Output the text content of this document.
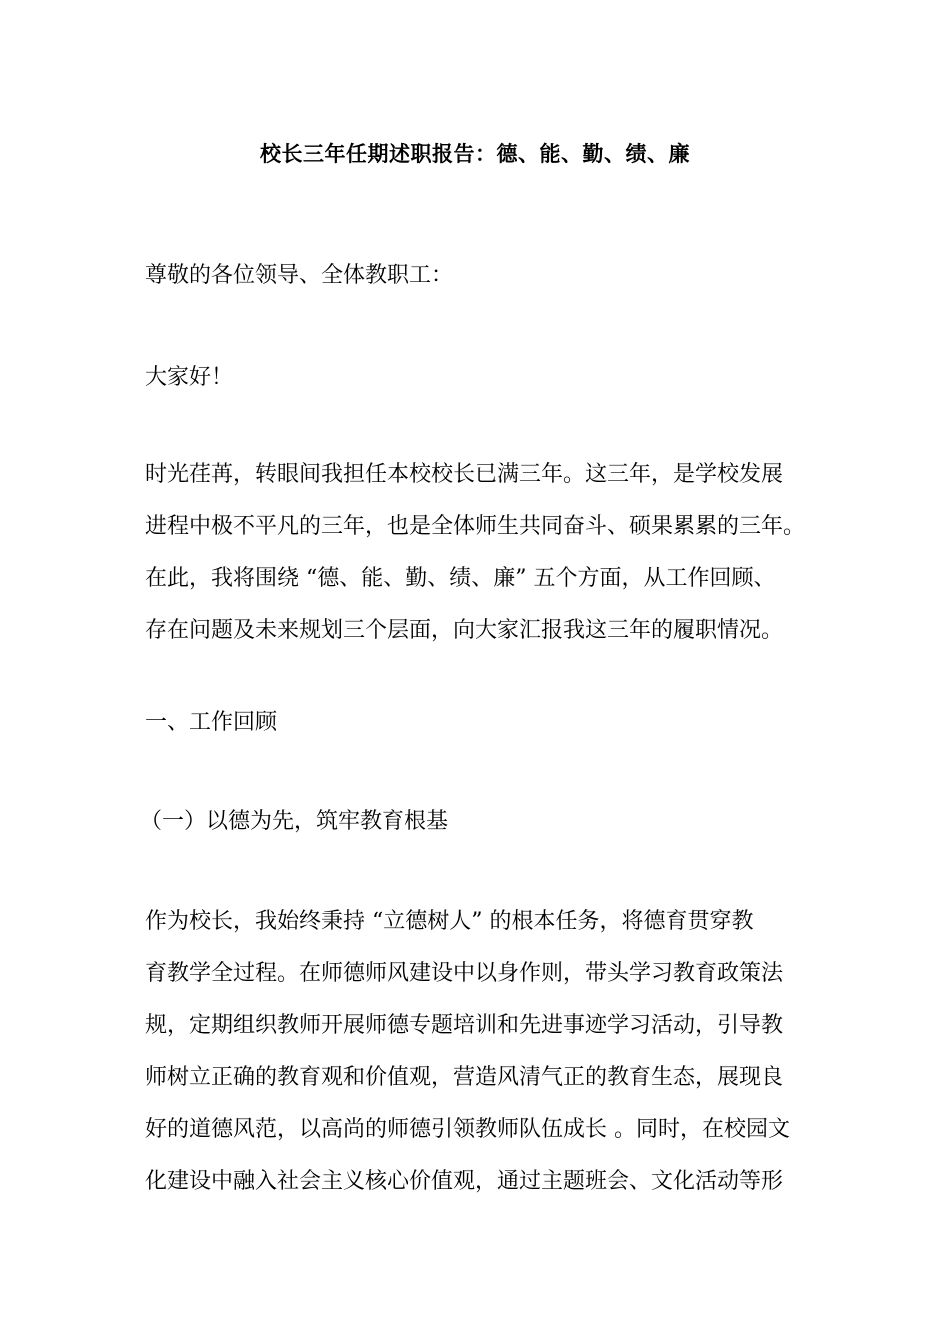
校长三年任期述职报告：德、能、勤、绩、廉

尊敬的各位领导、全体教职工：

大家好！

时光荏苒，转眼间我担任本校校长已满三年。这三年，是学校发展
进程中极不平凡的三年，也是全体师生共同奋斗、硕果累累的三年。
在此，我将围绕 “德、能、勤、绩、廉” 五个方面，从工作回顾、
存在问题及未来规划三个层面，向大家汇报我这三年的履职情况。

一、工作回顾

（一）以德为先，筑牢教育根基

作为校长，我始终秉持 “立德树人” 的根本任务，将德育贯穿教
育教学全过程。在师德师风建设中以身作则，带头学习教育政策法
规，定期组织教师开展师德专题培训和先进事迹学习活动，引导教
师树立正确的教育观和价值观，营造风清气正的教育生态，展现良
好的道德风范，以高尚的师德引领教师队伍成长 。同时，在校园文
化建设中融入社会主义核心价值观，通过主题班会、文化活动等形
